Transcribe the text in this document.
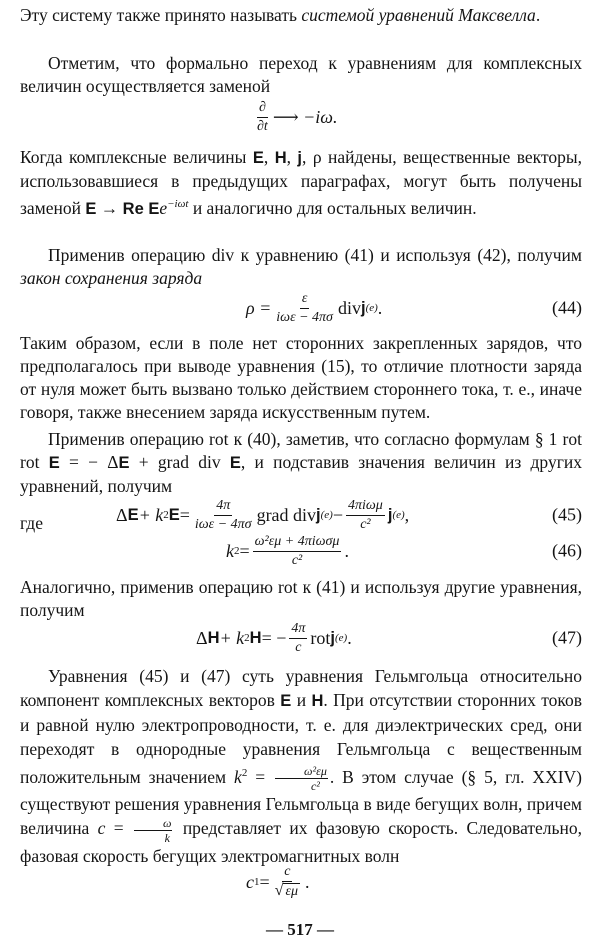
Эту систему также принято называть системой уравнений Максвелла.
Отметим, что формально переход к уравнениям для комплексных величин осуществляется заменой
$\frac{\partial}{\partial t}$ ⟶ −iω.
Когда комплексные величины E, H, j, ρ найдены, вещественные векторы, использовавшиеся в предыдущих параграфах, могут быть получены заменой E → Re $Ee^{-i\omega t}$ и аналогично для остальных величин.
Применив операцию div к уравнению (41) и используя (42), получим закон сохранения заряда
$\rho = \frac{\varepsilon}{\text{iωε − 4πσ}}$ div j (e) .	(44)
Таким образом, если в поле нет сторонних закрепленных зарядов, что предполагалось при выводе уравнения (15), то отличие плотности заряда от нуля может быть вызвано только действием стороннего тока, т. е., иначе говоря, также внесением заряда искусственным путем.
Применив операцию rot к (40), заметив, что согласно формулам § 1 rot rot E = − ΔE + grad div E, и подставив значения величин из других уравнений, получим
Δ E + k 2 $E = \frac{4\pi}{\text{iωε − 4πσ}}$ grad div j $(e) - \frac{\text{4πiωμ}}{\text{c²}}$ j (e) ,	(45)
где
k $2 = \frac{\text{ω²εμ + 4πiωσμ}}{\text{c²}}$ .	(46)
Аналогично, применив операцию rot к (41) и используя другие уравнения, получим
Δ H + k 2 H = − $\frac{4\pi}{c}$ rot j (e) .	(47)
Уравнения (45) и (47) суть уравнения Гельмгольца относительно компонент комплексных векторов E и H. При отсутствии сторонних токов и равной нулю электропроводности, т. е. для диэлектрических сред, они переходят в однородные уравнения Гельмгольца с вещественным положительным значением $k^2 = \frac{\text{ω²εμ}}{\text{c²}}$ . В этом случае (§ 5, гл. XXIV) существуют решения уравнения Гельмгольца в виде бегущих волн, причем величина $c = \frac{\omega}{k}$ представляет их фазовую скорость. Следовательно, фазовая скорость бегущих электромагнитных волн
c $1 = \frac{c}{√ \varepsilon\mu}$ .
— 517 —
